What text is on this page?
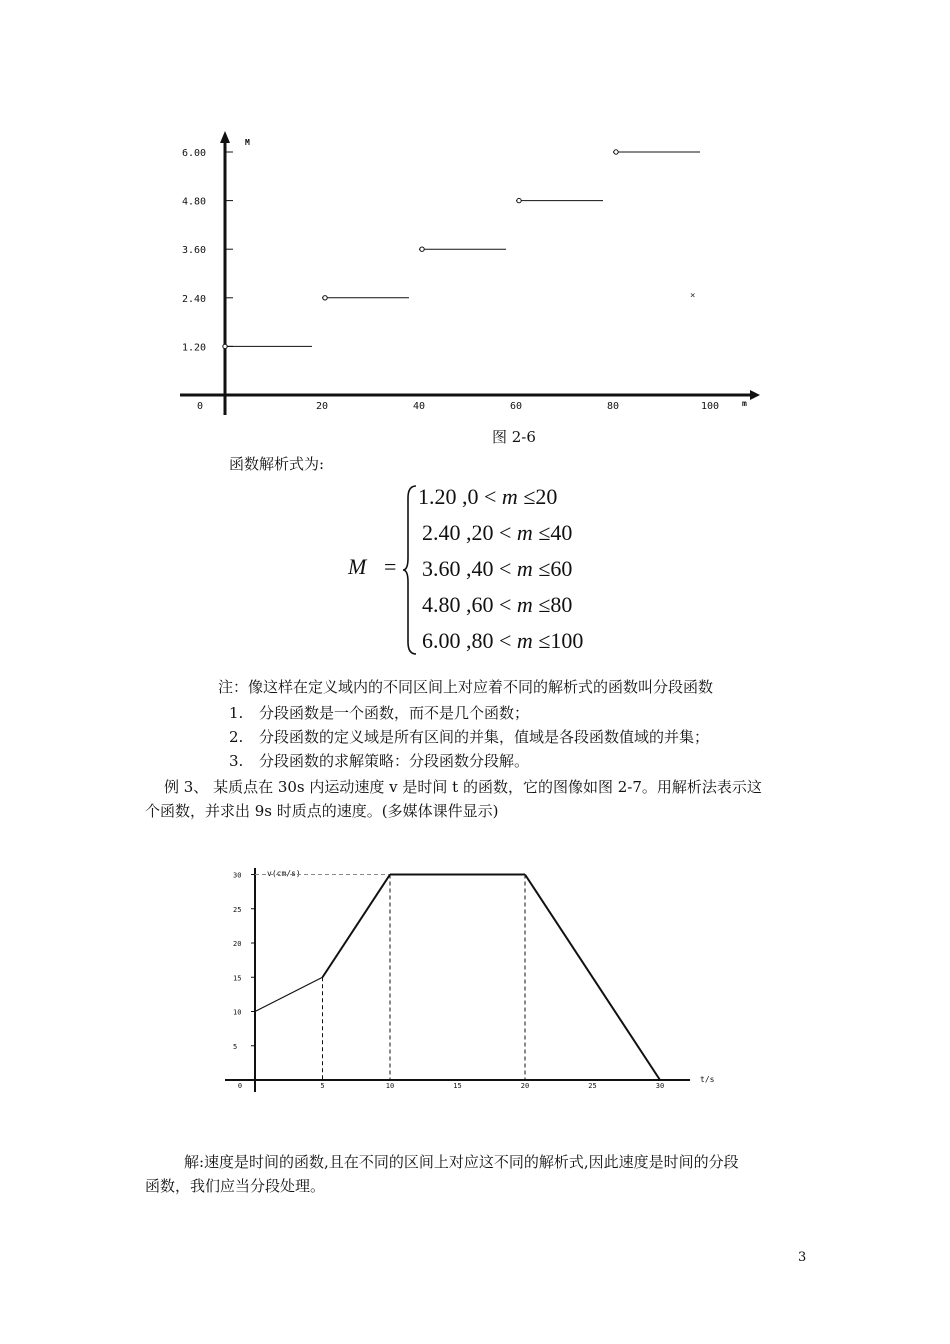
M
m
0	20	40	60	80	100
1.20
2.40
3.60
4.80
6.00
×
图 2-6
函数解析式为:
M =
1.20 ,0 < m ≤20
2.40 ,20 < m ≤40
3.60 ,40 < m ≤60
4.80 ,60 < m ≤80
6.00 ,80 < m ≤100
注：像这样在定义域内的不同区间上对应着不同的解析式的函数叫分段函数
1. 分段函数是一个函数，而不是几个函数；
2. 分段函数的定义域是所有区间的并集，值域是各段函数值域的并集；
3. 分段函数的求解策略：分段函数分段解。
例 3、 某质点在 30s 内运动速度 v 是时间 t 的函数，它的图像如图 2-7。用解析法表示这
个函数，并求出 9s 时质点的速度。(多媒体课件显示)
v(cm/s)
t/s
0	5	10	15	20	25	30
5
10
15
20
25
30
解:速度是时间的函数,且在不同的区间上对应这不同的解析式,因此速度是时间的分段
函数，我们应当分段处理。
3
